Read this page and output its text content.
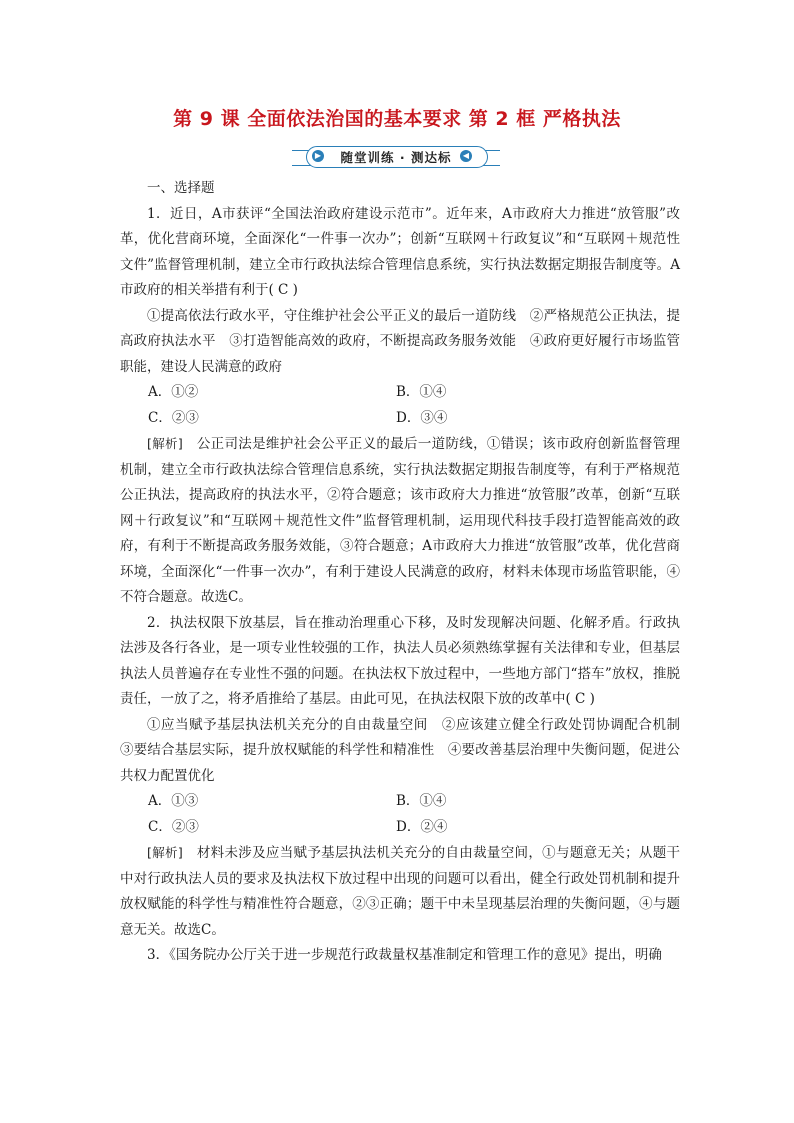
第 9 课 全面依法治国的基本要求 第 2 框 严格执法
▶	随堂训练 · 测达标	◀

一、选择题

1．近日，A市获评“全国法治政府建设示范市”。近年来，A市政府大力推进“放管服”改革，优化营商环境，全面深化“一件事一次办”；创新“互联网＋行政复议”和“互联网＋规范性文件”监督管理机制，建立全市行政执法综合管理信息系统，实行执法数据定期报告制度等。A市政府的相关举措有利于( C )

①提高依法行政水平，守住维护社会公平正义的最后一道防线　②严格规范公正执法，提高政府执法水平　③打造智能高效的政府，不断提高政务服务效能　④政府更好履行市场监管职能，建设人民满意的政府

A．①②	B．①④
C．②③	D．③④

[解析]　 公正司法是维护社会公平正义的最后一道防线，①错误；该市政府创新监督管理机制，建立全市行政执法综合管理信息系统，实行执法数据定期报告制度等，有利于严格规范公正执法，提高政府的执法水平，②符合题意；该市政府大力推进“放管服”改革，创新“互联网＋行政复议”和“互联网＋规范性文件”监督管理机制，运用现代科技手段打造智能高效的政府，有利于不断提高政务服务效能，③符合题意；A市政府大力推进“放管服”改革，优化营商环境，全面深化“一件事一次办”，有利于建设人民满意的政府，材料未体现市场监管职能，④不符合题意。故选C。

2．执法权限下放基层，旨在推动治理重心下移，及时发现解决问题、化解矛盾。行政执法涉及各行各业，是一项专业性较强的工作，执法人员必须熟练掌握有关法律和专业，但基层执法人员普遍存在专业性不强的问题。在执法权下放过程中，一些地方部门“搭车”放权，推脱责任，一放了之，将矛盾推给了基层。由此可见，在执法权限下放的改革中( C )

①应当赋予基层执法机关充分的自由裁量空间　②应该建立健全行政处罚协调配合机制　③要结合基层实际，提升放权赋能的科学性和精准性　④要改善基层治理中失衡问题，促进公共权力配置优化

A．①③	B．①④
C．②③	D．②④

[解析]　 材料未涉及应当赋予基层执法机关充分的自由裁量空间，①与题意无关；从题干中对行政执法人员的要求及执法权下放过程中出现的问题可以看出，健全行政处罚机制和提升放权赋能的科学性与精准性符合题意，②③正确；题干中未呈现基层治理的失衡问题，④与题意无关。故选C。

3．《国务院办公厅关于进一步规范行政裁量权基准制定和管理工作的意见》提出，明确
